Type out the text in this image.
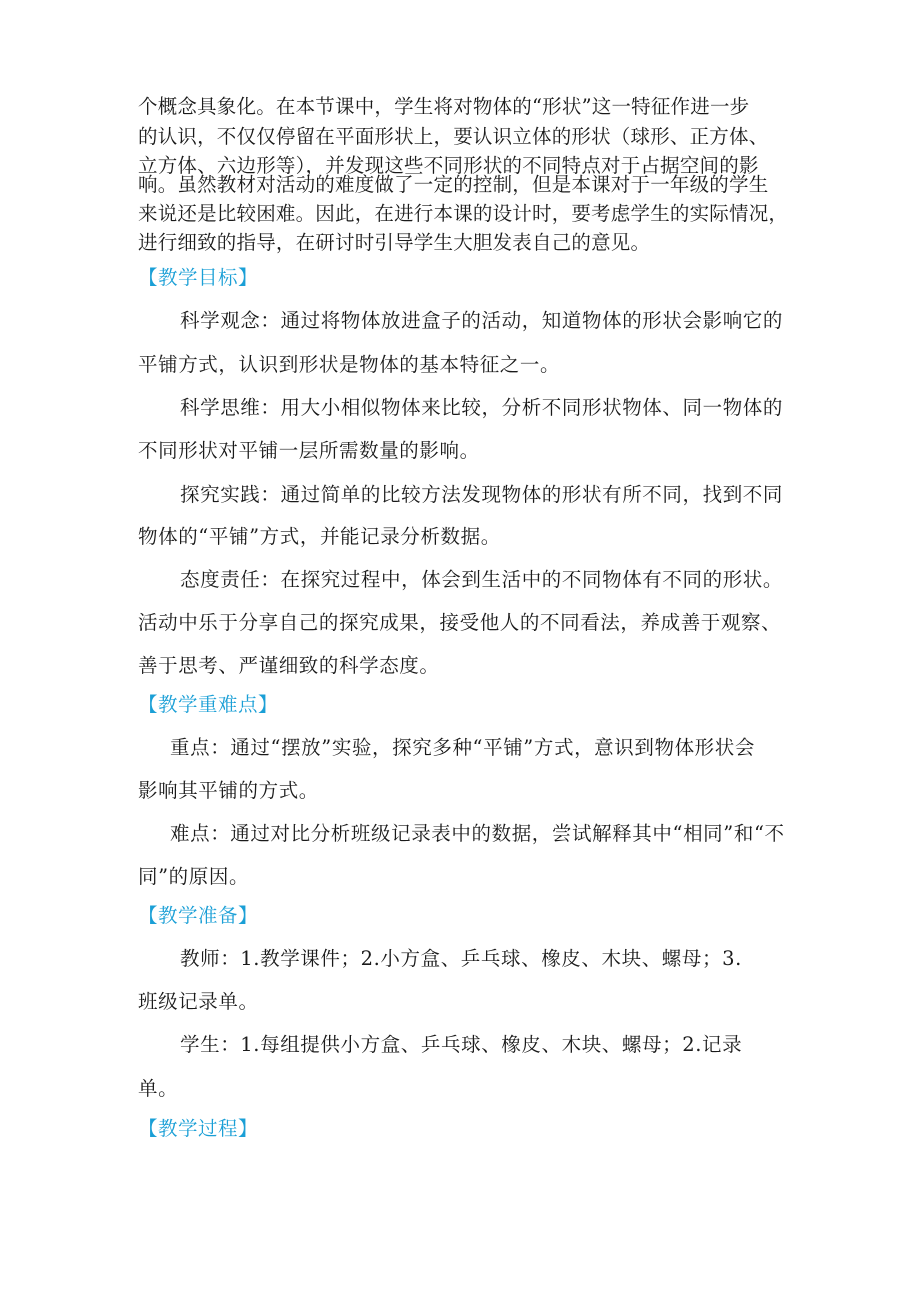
个概念具象化。在本节课中，学生将对物体的“形状”这一特征作进一步
的认识，不仅仅停留在平面形状上，要认识立体的形状（球形、正方体、
立方体、六边形等），并发现这些不同形状的不同特点对于占据空间的影
响。虽然教材对活动的难度做了一定的控制，但是本课对于一年级的学生
来说还是比较困难。因此，在进行本课的设计时，要考虑学生的实际情况，
进行细致的指导，在研讨时引导学生大胆发表自己的意见。
【教学目标】
科学观念：通过将物体放进盒子的活动，知道物体的形状会影响它的
平铺方式，认识到形状是物体的基本特征之一。
科学思维：用大小相似物体来比较，分析不同形状物体、同一物体的
不同形状对平铺一层所需数量的影响。
探究实践：通过简单的比较方法发现物体的形状有所不同，找到不同
物体的“平铺”方式，并能记录分析数据。
态度责任：在探究过程中，体会到生活中的不同物体有不同的形状。
活动中乐于分享自己的探究成果，接受他人的不同看法，养成善于观察、
善于思考、严谨细致的科学态度。
【教学重难点】
重点：通过“摆放”实验，探究多种“平铺”方式，意识到物体形状会
影响其平铺的方式。
难点：通过对比分析班级记录表中的数据，尝试解释其中“相同”和“不
同”的原因。
【教学准备】
教师：1.教学课件；2.小方盒、乒乓球、橡皮、木块、螺母；3.
班级记录单。
学生：1.每组提供小方盒、乒乓球、橡皮、木块、螺母；2.记录
单。
【教学过程】
